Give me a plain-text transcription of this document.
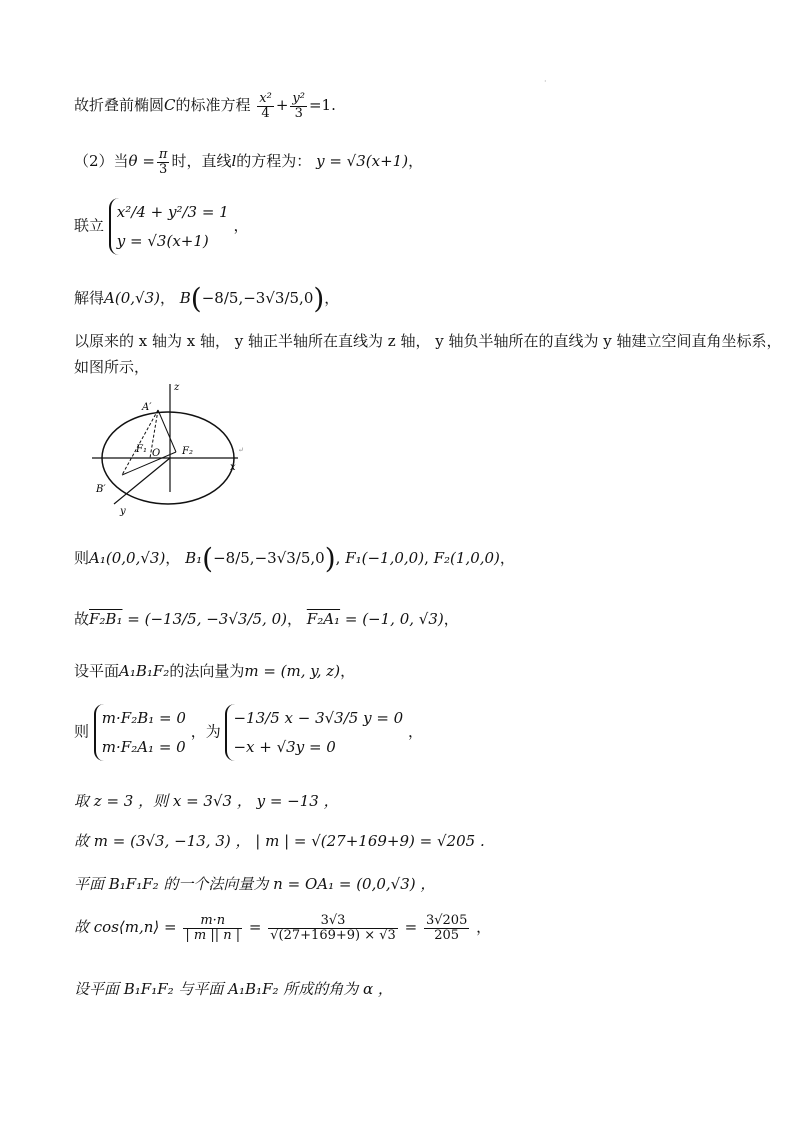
·
故折叠前椭圆C的标准方程 $\frac{\text{x²}}{4} + \frac{\text{y²}}{3} =1$.
（2）当$\theta = \frac{\pi}{3}$ 时，直线l的方程为： y = √3(x+1)，
联立
x²/4 + y²/3 = 1
y = √3(x+1)
，
解得A(0,√3)， B(−8/5,−3√3/5,0)，
以原来的 x 轴为 x 轴， y 轴正半轴所在直线为 z 轴， y 轴负半轴所在的直线为 y 轴建立空间直角坐标系，
如图所示，
z
x
y
A′
B′
F₁ O F₂	↵
则A₁(0,0,√3)， B₁(−8/5,−3√3/5,0), F₁(−1,0,0), F₂(1,0,0)，
故F₂B₁ = (−13/5, −3√3/5, 0)， F₂A₁ = (−1, 0, √3)，
设平面A₁B₁F₂的法向量为m = (m, y, z)，
则
m·F₂B₁ = 0
m·F₂A₁ = 0
，为
−13/5 x − 3√3/5 y = 0
−x + √3y = 0
，
取 z = 3 ，则 x = 3√3 ， y = −13 ，
故 m = (3√3, −13, 3) ， | m | = √(27+169+9) = √205 .
平面 B₁F₁F₂ 的一个法向量为 n = OA₁ = (0,0,√3) ，
故 cos⟨m,n⟩ = $\frac{m\cdot n}{| m || n |} = \frac{3√3}{√(27+169+9) \times √3} = \frac{3√205}{205}$ ，
设平面 B₁F₁F₂ 与平面 A₁B₁F₂ 所成的角为 α ，
